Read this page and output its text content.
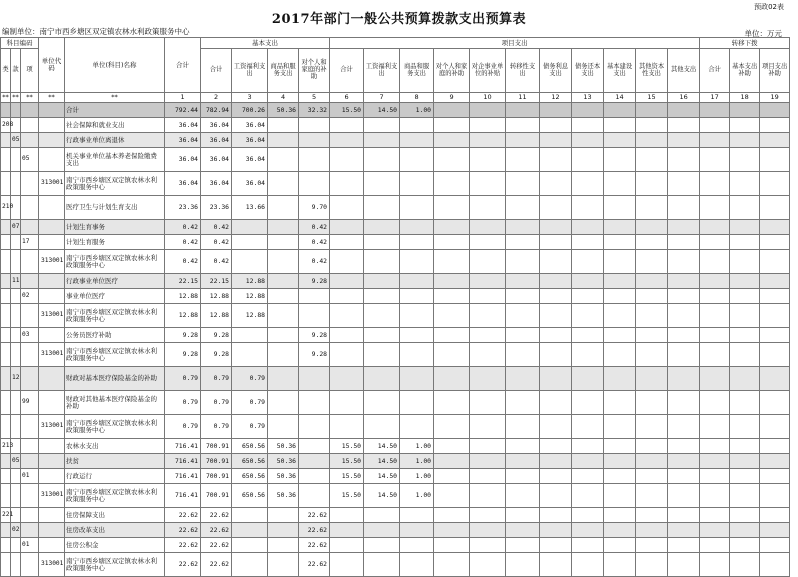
预政02表
2017年部门一般公共预算拨款支出预算表
编制单位：南宁市西乡塘区双定镇农林水利政策服务中心	单位：万元
科目编码			单位代码	单位(科目)名称	合计	基本支出				项目支出											转移下拨		
类	款	项				合计	工资福利支出	商品和服务支出	对个人和家庭的补助	合计	工资福利支出	商品和服务支出	对个人和家庭的补助	对企事业单位的补贴	转移性支出	债务利息支出	债务还本支出	基本建设支出	其他资本性支出	其他支出	合计	基本支出补助	项目支出补助
**	**	**	**	**	1	2	3	4	5	6	7	8	9	10	11	12	13	14	15	16	17	18	19
				合计	792.44	782.94	700.26	50.36	32.32	15.50	14.50	1.00											
208				社会保障和就业支出	36.04	36.04	36.04																
	05			行政事业单位离退休	36.04	36.04	36.04																
		05		机关事业单位基本养老保险缴费支出	36.04	36.04	36.04																
			313001	南宁市西乡塘区双定镇农林水利政策服务中心	36.04	36.04	36.04																
210				医疗卫生与计划生育支出	23.36	23.36	13.66		9.70														
	07			计划生育事务	0.42	0.42			0.42														
		17		计划生育服务	0.42	0.42			0.42														
			313001	南宁市西乡塘区双定镇农林水利政策服务中心	0.42	0.42			0.42														
	11			行政事业单位医疗	22.15	22.15	12.88		9.28														
		02		事业单位医疗	12.88	12.88	12.88																
			313001	南宁市西乡塘区双定镇农林水利政策服务中心	12.88	12.88	12.88																
		03		公务员医疗补助	9.28	9.28			9.28														
			313001	南宁市西乡塘区双定镇农林水利政策服务中心	9.28	9.28			9.28														
	12			财政对基本医疗保险基金的补助	0.79	0.79	0.79																
		99		财政对其他基本医疗保险基金的补助	0.79	0.79	0.79																
			313001	南宁市西乡塘区双定镇农林水利政策服务中心	0.79	0.79	0.79																
213				农林水支出	716.41	700.91	650.56	50.36		15.50	14.50	1.00											
	05			扶贫	716.41	700.91	650.56	50.36		15.50	14.50	1.00											
		01		行政运行	716.41	700.91	650.56	50.36		15.50	14.50	1.00											
			313001	南宁市西乡塘区双定镇农林水利政策服务中心	716.41	700.91	650.56	50.36		15.50	14.50	1.00											
221				住房保障支出	22.62	22.62			22.62														
	02			住房改革支出	22.62	22.62			22.62														
		01		住房公积金	22.62	22.62			22.62														
			313001	南宁市西乡塘区双定镇农林水利政策服务中心	22.62	22.62			22.62														
